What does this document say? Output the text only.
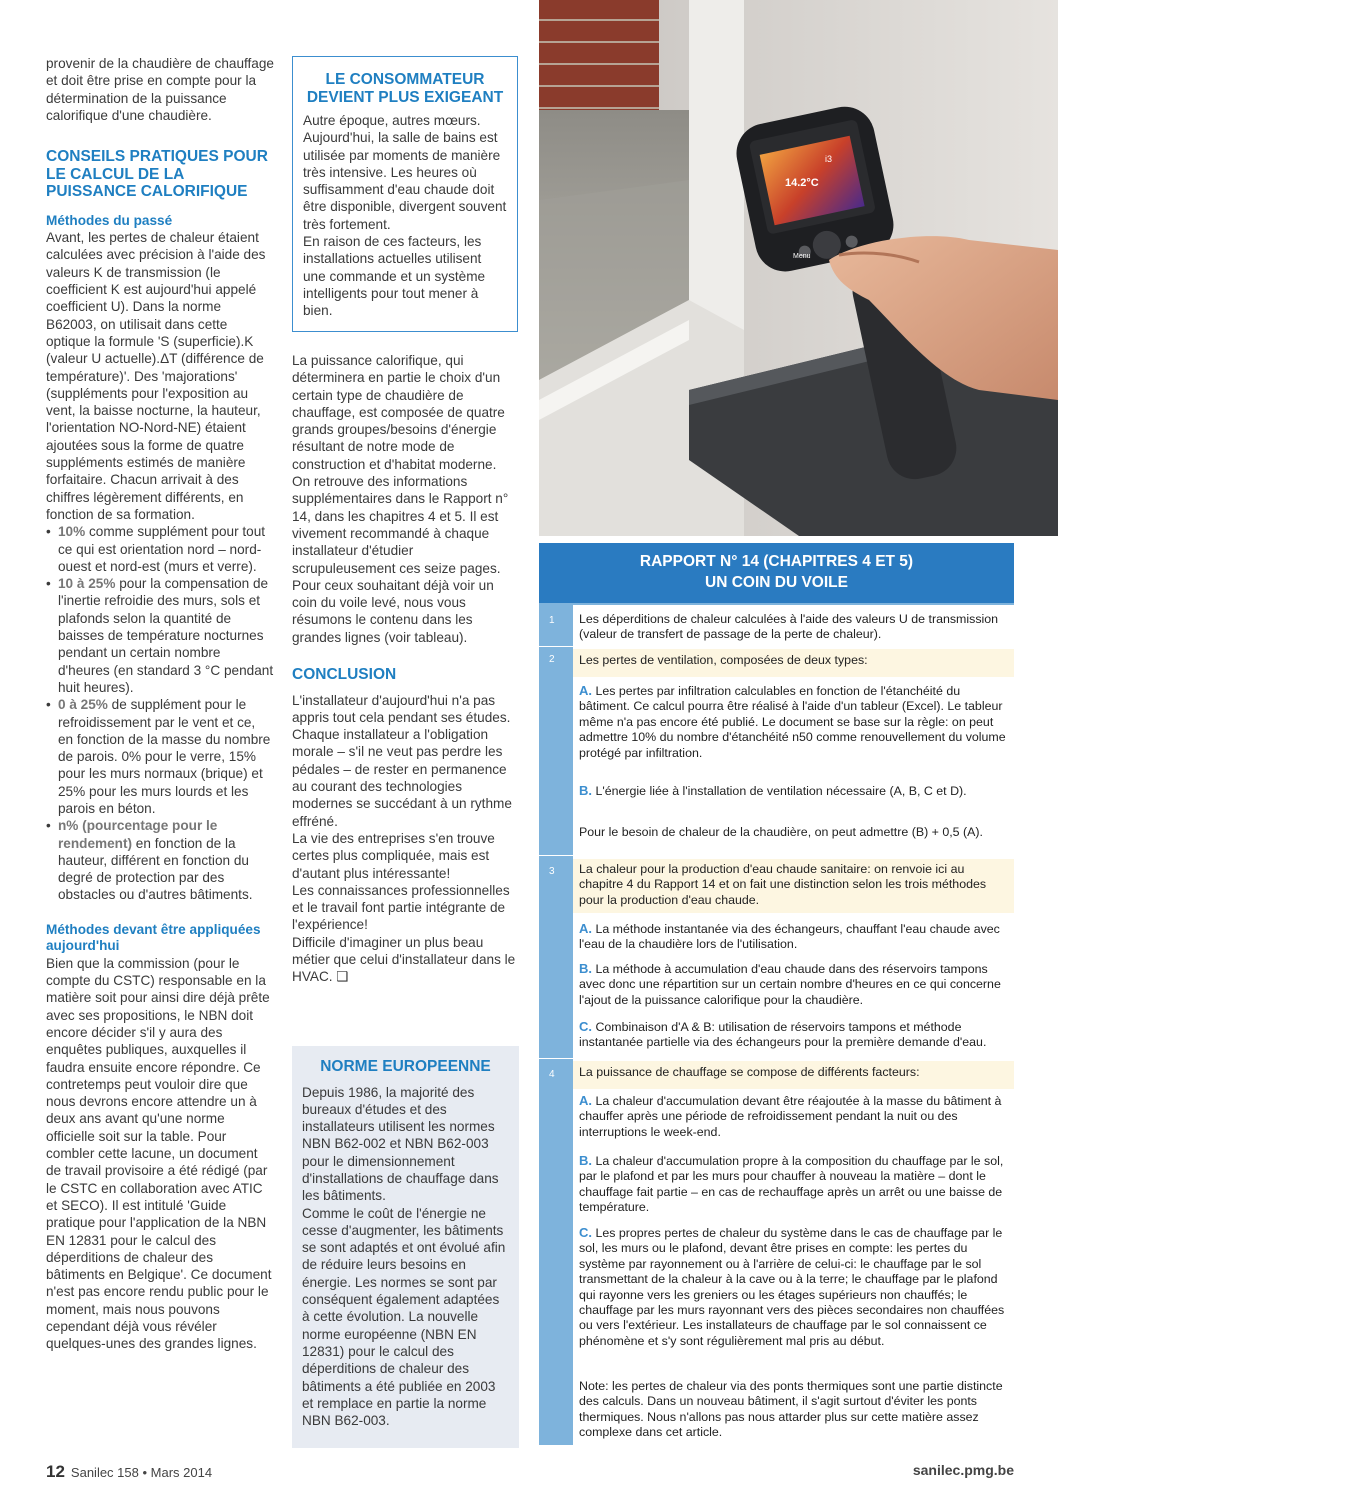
provenir de la chaudière de chauffage et doit être prise en compte pour la détermination de la puissance calorifique d'une chaudière.

CONSEILS PRATIQUES POUR LE CALCUL DE LA PUISSANCE CALORIFIQUE
Méthodes du passé

Avant, les pertes de chaleur étaient calculées avec précision à l'aide des valeurs K de transmission (le coefficient K est aujourd'hui appelé coefficient U). Dans la norme B62003, on utilisait dans cette optique la formule 'S (superficie).K (valeur U actuelle).ΔT (différence de température)'. Des 'majorations' (suppléments pour l'exposition au vent, la baisse nocturne, la hauteur, l'orientation NO-Nord-NE) étaient ajoutées sous la forme de quatre suppléments estimés de manière forfaitaire. Chacun arrivait à des chiffres légèrement différents, en fonction de sa formation.

• 10% comme supplément pour tout ce qui est orientation nord – nord-ouest et nord-est (murs et verre).
• 10 à 25% pour la compensation de l'inertie refroidie des murs, sols et plafonds selon la quantité de baisses de température nocturnes pendant un certain nombre d'heures (en standard 3 °C pendant huit heures).
• 0 à 25% de supplément pour le refroidissement par le vent et ce, en fonction de la masse du nombre de parois. 0% pour le verre, 15% pour les murs normaux (brique) et 25% pour les murs lourds et les parois en béton.
• n% (pourcentage pour le rendement) en fonction de la hauteur, différent en fonction du degré de protection par des obstacles ou d'autres bâtiments.
Méthodes devant être appliquées aujourd'hui

Bien que la commission (pour le compte du CSTC) responsable en la matière soit pour ainsi dire déjà prête avec ses propositions, le NBN doit encore décider s'il y aura des enquêtes publiques, auxquelles il faudra ensuite encore répondre. Ce contretemps peut vouloir dire que nous devrons encore attendre un à deux ans avant qu'une norme officielle soit sur la table. Pour combler cette lacune, un document de travail provisoire a été rédigé (par le CSTC en collaboration avec ATIC et SECO). Il est intitulé 'Guide pratique pour l'application de la NBN EN 12831 pour le calcul des déperditions de chaleur des bâtiments en Belgique'. Ce document n'est pas encore rendu public pour le moment, mais nous pouvons cependant déjà vous révéler quelques-unes des grandes lignes.

LE CONSOMMATEUR DEVIENT PLUS EXIGEANT

Autre époque, autres mœurs. Aujourd'hui, la salle de bains est utilisée par moments de manière très intensive. Les heures où suffisamment d'eau chaude doit être disponible, divergent souvent très fortement.

En raison de ces facteurs, les installations actuelles utilisent une commande et un système intelligents pour tout mener à bien.

La puissance calorifique, qui déterminera en partie le choix d'un certain type de chaudière de chauffage, est composée de quatre grands groupes/besoins d'énergie résultant de notre mode de construction et d'habitat moderne.

On retrouve des informations supplémentaires dans le Rapport n° 14, dans les chapitres 4 et 5. Il est vivement recommandé à chaque installateur d'étudier scrupuleusement ces seize pages. Pour ceux souhaitant déjà voir un coin du voile levé, nous vous résumons le contenu dans les grandes lignes (voir tableau).

CONCLUSION

L'installateur d'aujourd'hui n'a pas appris tout cela pendant ses études.

Chaque installateur a l'obligation morale – s'il ne veut pas perdre les pédales – de rester en permanence au courant des technologies modernes se succédant à un rythme effréné.

La vie des entreprises s'en trouve certes plus compliquée, mais est d'autant plus intéressante!

Les connaissances professionnelles et le travail font partie intégrante de l'expérience!

Difficile d'imaginer un plus beau métier que celui d'installateur dans le HVAC. ❑

NORME EUROPEENNE

Depuis 1986, la majorité des bureaux d'études et des installateurs utilisent les normes NBN B62-002 et NBN B62-003 pour le dimensionnement d'installations de chauffage dans les bâtiments.

Comme le coût de l'énergie ne cesse d'augmenter, les bâtiments se sont adaptés et ont évolué afin de réduire leurs besoins en énergie. Les normes se sont par conséquent également adaptées à cette évolution. La nouvelle norme européenne (NBN EN 12831) pour le calcul des déperditions de chaleur des bâtiments a été publiée en 2003 et remplace en partie la norme NBN B62-003.

14.2°C
i3
Menu
Même si le bâtiment est toujours exposé aux éléments, il est aujourd'hui nettement plus étanche à l'air
RAPPORT N° 14 (CHAPITRES 4 ET 5)
UN COIN DU VOILE
1
2
3
4
Les déperditions de chaleur calculées à l'aide des valeurs U de transmission (valeur de transfert de passage de la perte de chaleur).
Les pertes de ventilation, composées de deux types:
A. Les pertes par infiltration calculables en fonction de l'étanchéité du bâtiment. Ce calcul pourra être réalisé à l'aide d'un tableur (Excel). Le tableur même n'a pas encore été publié. Le document se base sur la règle: on peut admettre 10% du nombre d'étanchéité n50 comme renouvellement du volume protégé par infiltration.
B. L'énergie liée à l'installation de ventilation nécessaire (A, B, C et D).
Pour le besoin de chaleur de la chaudière, on peut admettre (B) + 0,5 (A).
La chaleur pour la production d'eau chaude sanitaire: on renvoie ici au chapitre 4 du Rapport 14 et on fait une distinction selon les trois méthodes pour la production d'eau chaude.
A. La méthode instantanée via des échangeurs, chauffant l'eau chaude avec l'eau de la chaudière lors de l'utilisation.
B. La méthode à accumulation d'eau chaude dans des réservoirs tampons avec donc une répartition sur un certain nombre d'heures en ce qui concerne l'ajout de la puissance calorifique pour la chaudière.
C. Combinaison d'A & B: utilisation de réservoirs tampons et méthode instantanée partielle via des échangeurs pour la première demande d'eau.
La puissance de chauffage se compose de différents facteurs:
A. La chaleur d'accumulation devant être réajoutée à la masse du bâtiment à chauffer après une période de refroidissement pendant la nuit ou des interruptions le week-end.
B. La chaleur d'accumulation propre à la composition du chauffage par le sol, par le plafond et par les murs pour chauffer à nouveau la matière – dont le chauffage fait partie – en cas de rechauffage après un arrêt ou une baisse de température.
C. Les propres pertes de chaleur du système dans le cas de chauffage par le sol, les murs ou le plafond, devant être prises en compte: les pertes du système par rayonnement ou à l'arrière de celui-ci: le chauffage par le sol transmettant de la chaleur à la cave ou à la terre; le chauffage par le plafond qui rayonne vers les greniers ou les étages supérieurs non chauffés; le chauffage par les murs rayonnant vers des pièces secondaires non chauffées ou vers l'extérieur. Les installateurs de chauffage par le sol connaissent ce phénomène et s'y sont régulièrement mal pris au début.
Note: les pertes de chaleur via des ponts thermiques sont une partie distincte des calculs. Dans un nouveau bâtiment, il s'agit surtout d'éviter les ponts thermiques. Nous n'allons pas nous attarder plus sur cette matière assez complexe dans cet article.
12 Sanilec 158 • Mars 2014	sanilec.pmg.be
